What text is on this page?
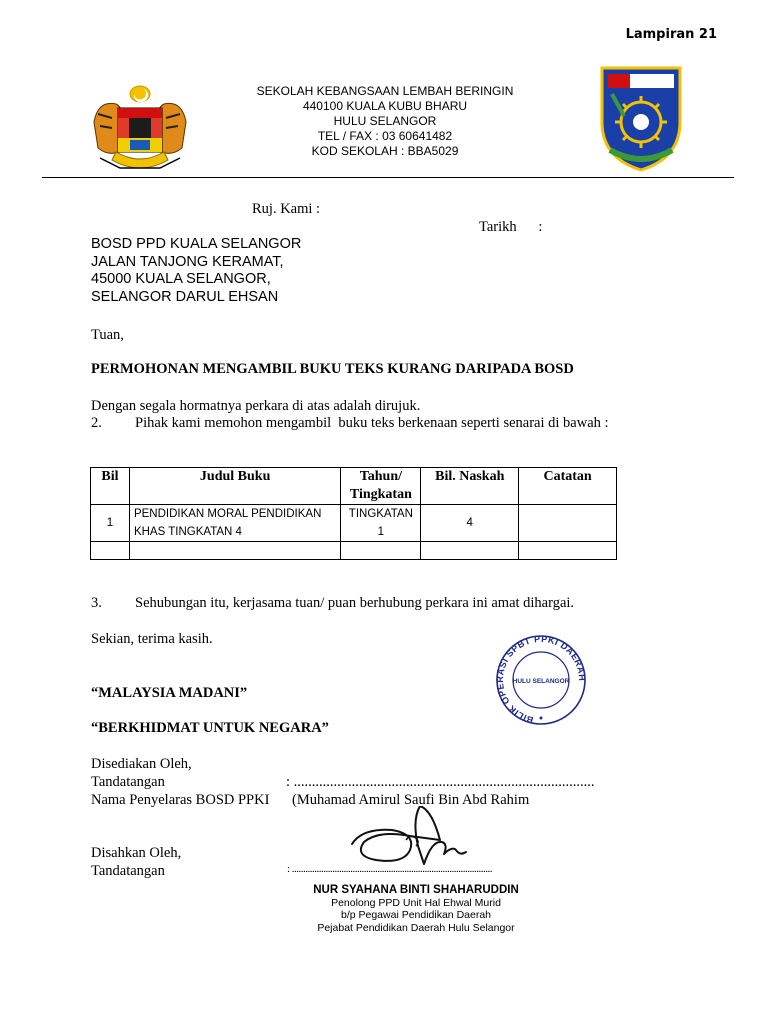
Lampiran 21
SEKOLAH KEBANGSAAN LEMBAH BERINGIN
440100 KUALA KUBU BHARU
HULU SELANGOR
TEL / FAX : 03 60641482
KOD SEKOLAH : BBA5029
Ruj. Kami :
Tarikh      :
BOSD PPD KUALA SELANGOR
JALAN TANJONG KERAMAT,
45000 KUALA SELANGOR,
SELANGOR DARUL EHSAN
Tuan,
PERMOHONAN MENGAMBIL BUKU TEKS KURANG DARIPADA BOSD
Dengan segala hormatnya perkara di atas adalah dirujuk.
2. Pihak kami memohon mengambil  buku teks berkenaan seperti senarai di bawah :
Bil	Judul Buku	Tahun/ Tingkatan	Bil. Naskah	Catatan
1	PENDIDIKAN MORAL PENDIDIKAN KHAS TINGKATAN 4	TINGKATAN 1	4	

3. Sehubungan itu, kerjasama tuan/ puan berhubung perkara ini amat dihargai.
Sekian, terima kasih.
BILIK OPERASI SPBT PPKI DAERAH
HULU SELANGOR
“MALAYSIA MADANI”
“BERKHIDMAT UNTUK NEGARA”
Disediakan Oleh,
Tandatangan	: ...................................................................................
Nama Penyelaras BOSD PPKI (Muhamad Amirul Saufi Bin Abd Rahim
Disahkan Oleh,
Tandatangan	: .........................................................................................
NUR SYAHANA BINTI SHAHARUDDIN
Penolong PPD Unit Hal Ehwal Murid
b/p Pegawai Pendidikan Daerah
Pejabat Pendidikan Daerah Hulu Selangor
